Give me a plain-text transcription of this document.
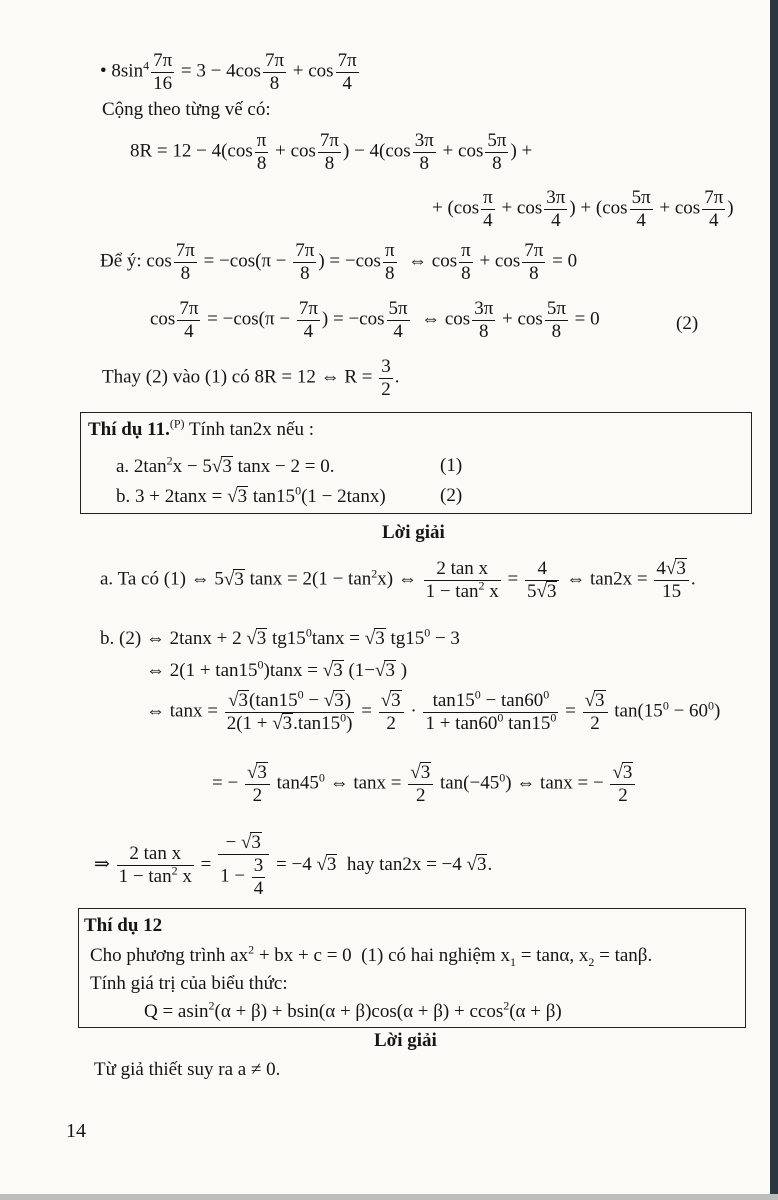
• $8\sin^4 \frac{7\pi}{16} = 3 - 4\cos \frac{7\pi}{8} + \cos \frac{7\pi}{4}$
Cộng theo từng vế có:
$8R = 12 - 4(\cos \frac{\pi}{8} + \cos \frac{7\pi}{8}$ ) − $4(\cos \frac{3\pi}{8} + \cos \frac{5\pi}{8}$ ) +
+ ($\cos \frac{\pi}{4} + \cos \frac{3\pi}{4}$ ) + ($\cos \frac{5\pi}{4} + \cos \frac{7\pi}{4}$ )
Để ý: $\cos \frac{7\pi}{8} = -\cos(\pi - \frac{7\pi}{8}$ ) = $-\cos \frac{\pi}{8}$ ⇔ $\cos \frac{\pi}{8} + \cos \frac{7\pi}{8} = 0$
$\cos \frac{7\pi}{4} = -\cos(\pi - \frac{7\pi}{4}$ ) = $-\cos \frac{5\pi}{4}$ ⇔ $\cos \frac{3\pi}{8} + \cos \frac{5\pi}{8} = 0$	(2)
Thay (2) vào (1) có 8R = 12 ⇔ $R = \frac{3}{2}$ .
Thí dụ 11.$^{(P)}$ Tính tan2x nếu :
a. $2\tan^2x - 5√3$ tanx − 2 = 0.	(1)
b. 3 + 2tanx = √3 $\tan 15^0(1 - 2\tan x)$	(2)
Lời giải
a. Ta có (1) ⇔ 5√3 $\tan x = 2(1 - \tan^2x)$ ⇔ $\frac{\text{2 tan x}}{1 - \tan^2 x} = \frac{4}{5√3}$ ⇔ $\tan 2x = \frac{4√3}{15}$ .
b. (2) ⇔ 2tanx + 2 √3 $tg15^0\tan x = √3$ $tg15^0 - 3$
⇔ $2(1 + \tan 15^0)\tan x = √3$ (1−√3 )
⇔ $\tan x = \frac{√3(\tan 15^0 - √3)}{2(1 + √3.\tan 15^0)} = \frac{√3}{2} \cdot \frac{\tan 15^0 - \tan 60^0}{1 + \tan 60^0 \tan 15^0} = \frac{√3}{2} \tan(15^0 - 60^0)$
= − $\frac{√3}{2} \tan 45^0$ ⇔ $\tan x = \frac{√3}{2} \tan(-45^0)$ ⇔ tanx = − $\frac{√3}{2}$
⇒ $\frac{\text{2 tan x}}{1 - \tan^2 x} = \frac{- √3}{1 - \frac{3}{4}} = -4$ √3  hay tan2x = −4 √3.
Thí dụ 12
Cho phương trình $ax^2$ + bx + c = 0  (1) có hai nghiệm $x_1 = \tan\alpha$, $x_2 = \tan\beta$.
Tính giá trị của biểu thức:
Q = asin$^2$(α + β) + bsin(α + β)cos(α + β) + ccos$^2$(α + β)
Lời giải
Từ giả thiết suy ra a ≠ 0.
14
